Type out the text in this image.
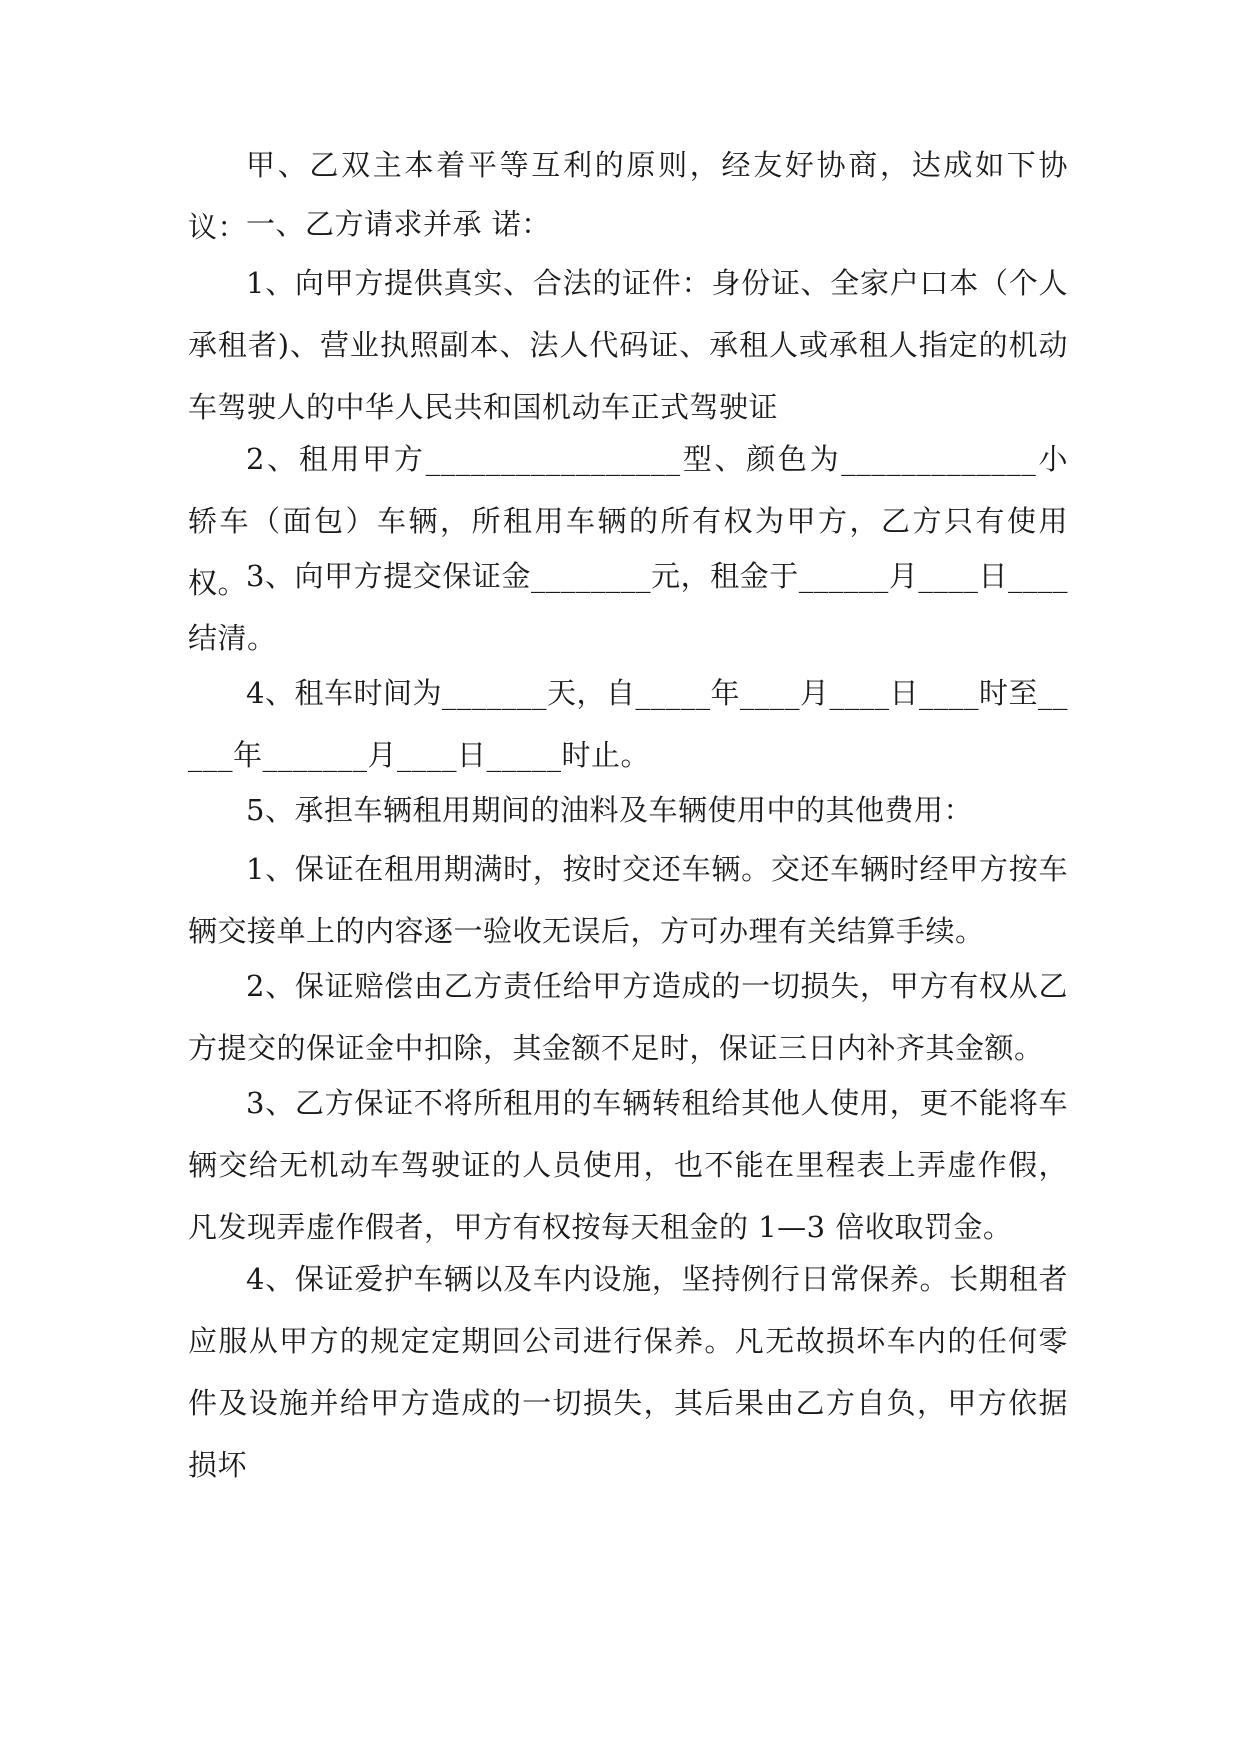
甲、乙双主本着平等互利的原则，经友好协商，达成如下协议：

一、乙方请求并承 诺：

1、向甲方提供真实、合法的证件：身份证、全家户口本（个人承租者)、营业执照副本、法人代码证、承租人或承租人指定的机动车驾驶人的中华人民共和国机动车正式驾驶证

2、租用甲方_________________型、颜色为_____________小轿车（面包）车辆，所租用车辆的所有权为甲方，乙方只有使用权。

3、向甲方提交保证金________元，租金于______月____日____结清。

4、租车时间为_______天，自_____年____月____日____时至_____年_______月____日_____时止。

5、承担车辆租用期间的油料及车辆使用中的其他费用：

1、保证在租用期满时，按时交还车辆。交还车辆时经甲方按车辆交接单上的内容逐一验收无误后，方可办理有关结算手续。

2、保证赔偿由乙方责任给甲方造成的一切损失，甲方有权从乙方提交的保证金中扣除，其金额不足时，保证三日内补齐其金额。

3、乙方保证不将所租用的车辆转租给其他人使用，更不能将车辆交给无机动车驾驶证的人员使用，也不能在里程表上弄虚作假，凡发现弄虚作假者，甲方有权按每天租金的 1—3 倍收取罚金。

4、保证爱护车辆以及车内设施，坚持例行日常保养。长期租者应服从甲方的规定定期回公司进行保养。凡无故损坏车内的任何零件及设施并给甲方造成的一切损失，其后果由乙方自负，甲方依据损坏
